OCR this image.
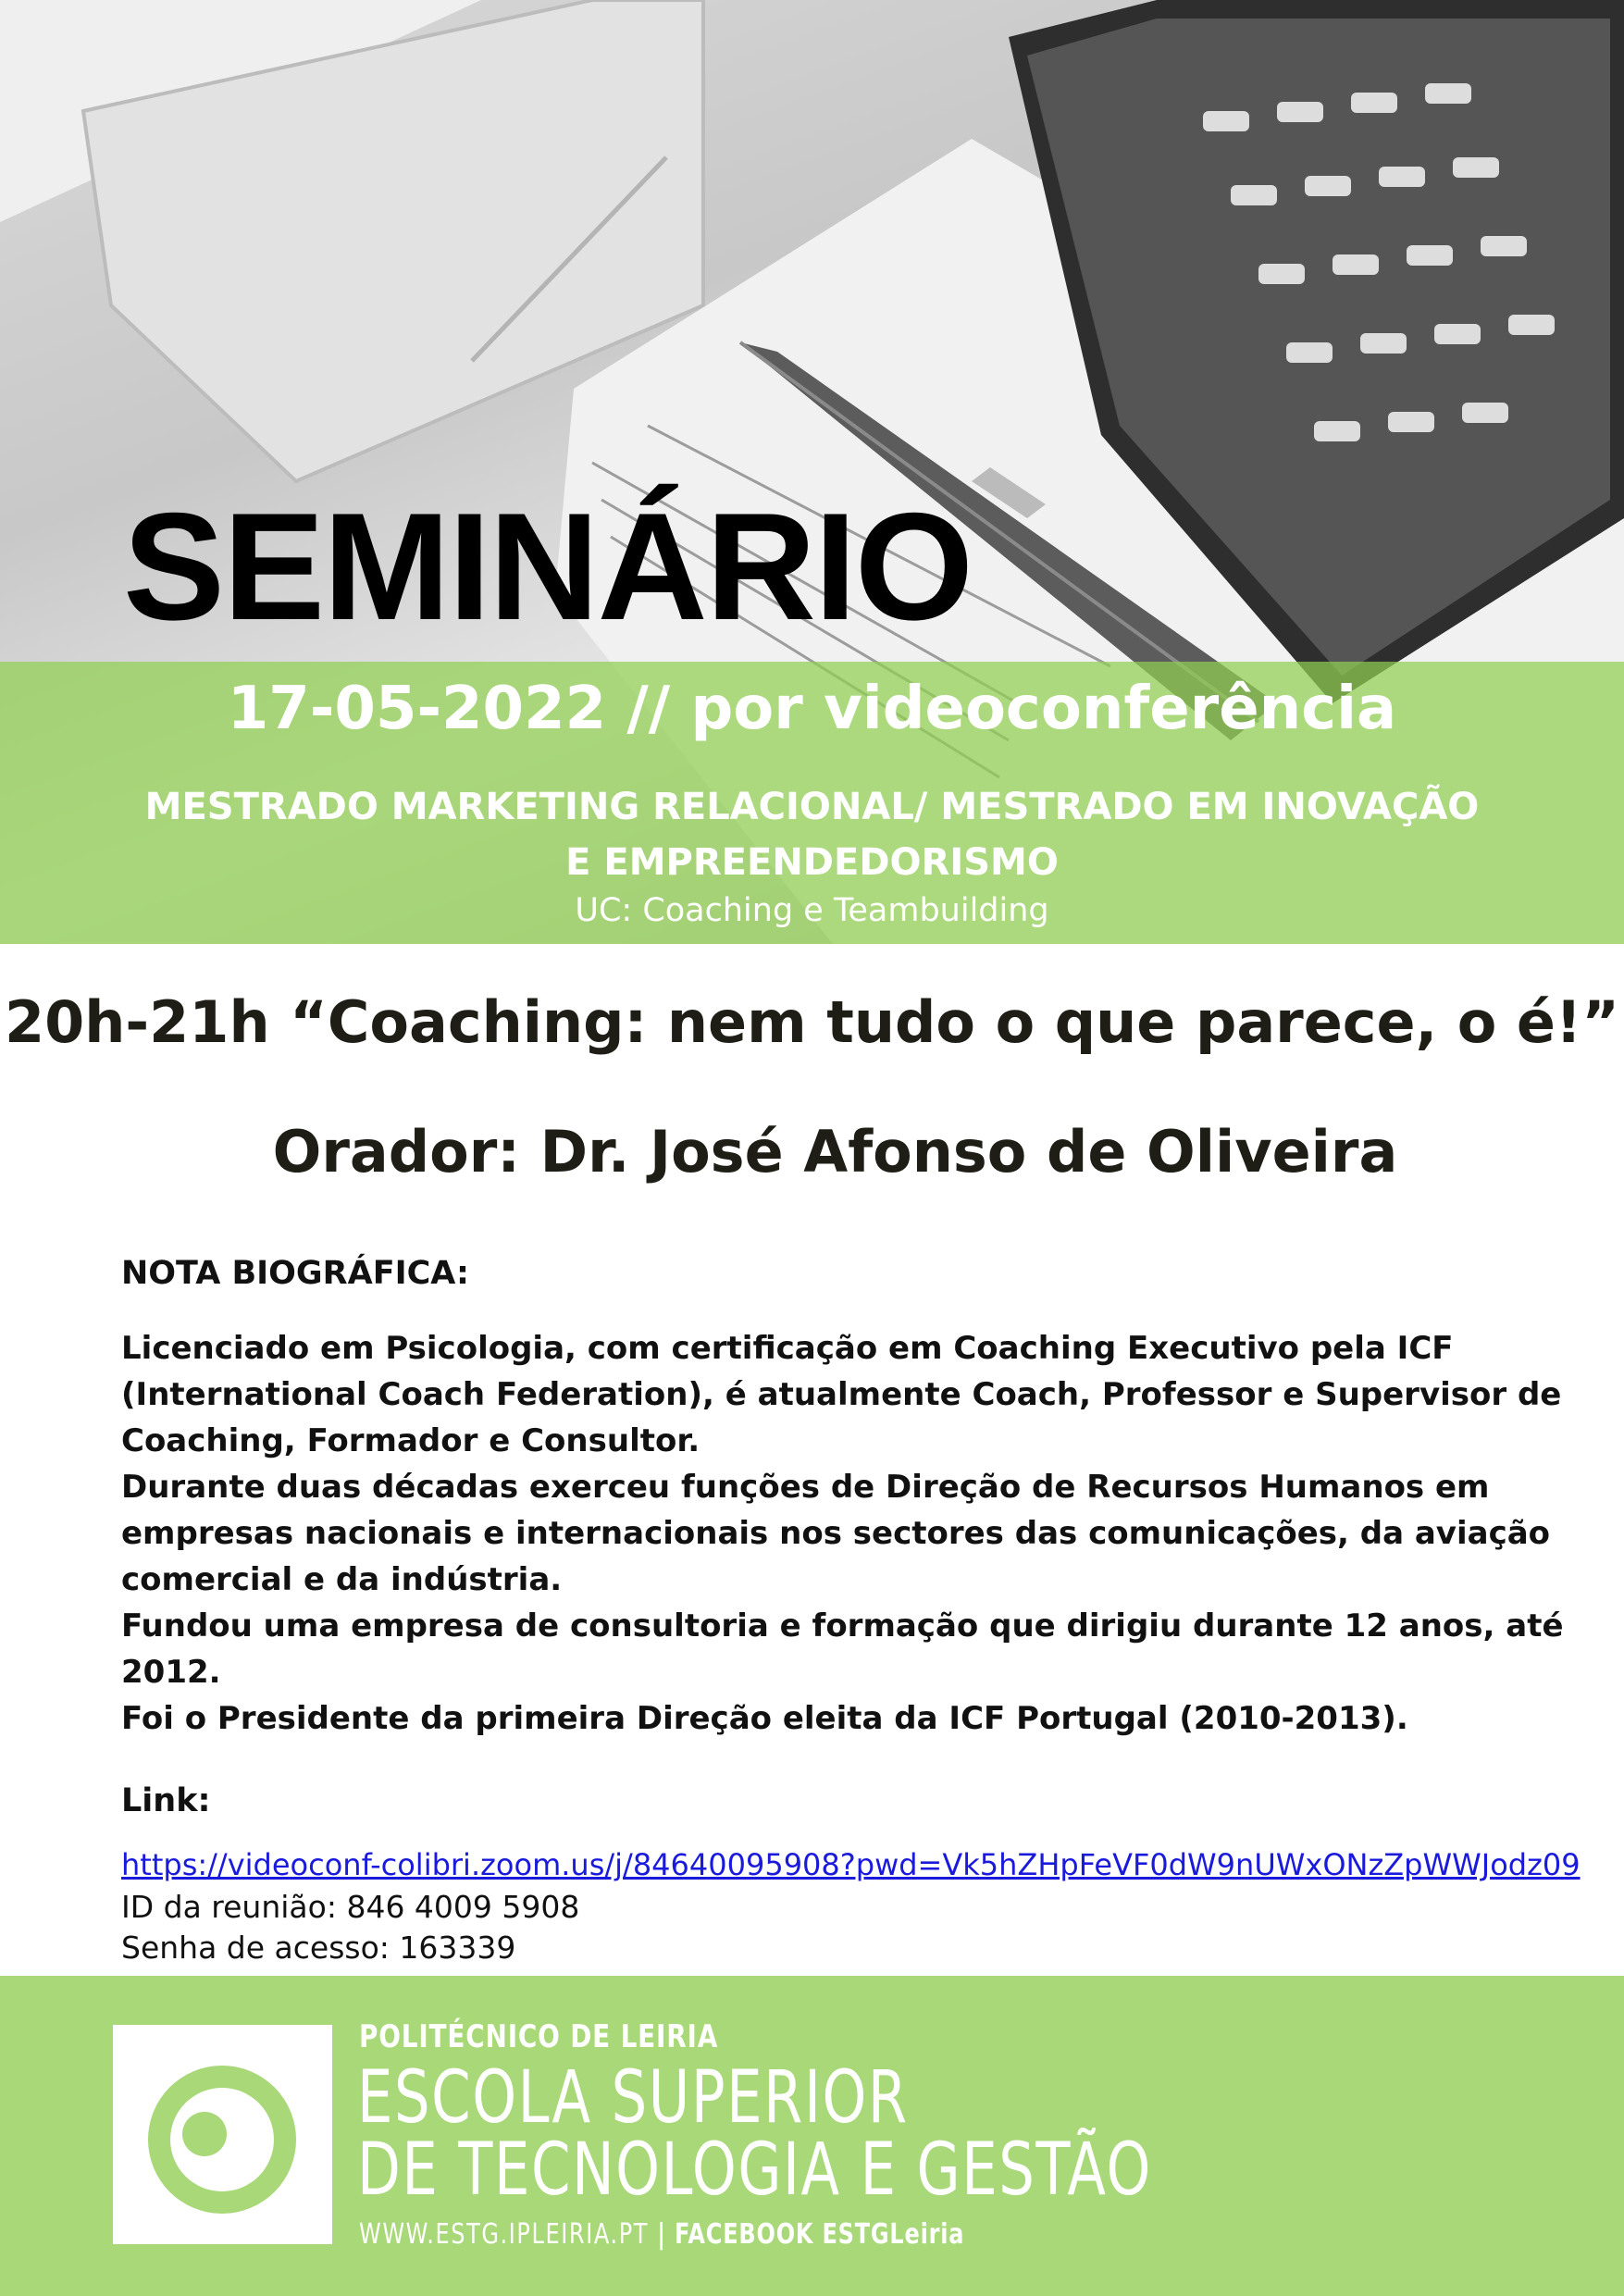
SEMINÁRIO

17-05-2022 // por videoconferência

MESTRADO MARKETING RELACIONAL/ MESTRADO EM INOVAÇÃO E EMPREENDEDORISMO

UC: Coaching e Teambuilding

20h-21h “Coaching: nem tudo o que parece, o é!”
Orador: Dr. José Afonso de Oliveira

NOTA BIOGRÁFICA:

Licenciado em Psicologia, com certificação em Coaching Executivo pela ICF (International Coach Federation), é atualmente Coach, Professor e Supervisor de Coaching, Formador e Consultor.

Durante duas décadas exerceu funções de Direção de Recursos Humanos em empresas nacionais e internacionais nos sectores das comunicações, da aviação comercial e da indústria.

Fundou uma empresa de consultoria e formação que dirigiu durante 12 anos, até 2012.

Foi o Presidente da primeira Direção eleita da ICF Portugal (2010-2013).

Link:

https://videoconf-colibri.zoom.us/j/84640095908?pwd=Vk5hZHpFeVF0dW9nUWxONzZpWWJodz09

ID da reunião: 846 4009 5908

Senha de acesso: 163339

POLITÉCNICO DE LEIRIA

ESCOLA SUPERIOR

DE TECNOLOGIA E GESTÃO

WWW.ESTG.IPLEIRIA.PT | FACEBOOK ESTGLeiria
